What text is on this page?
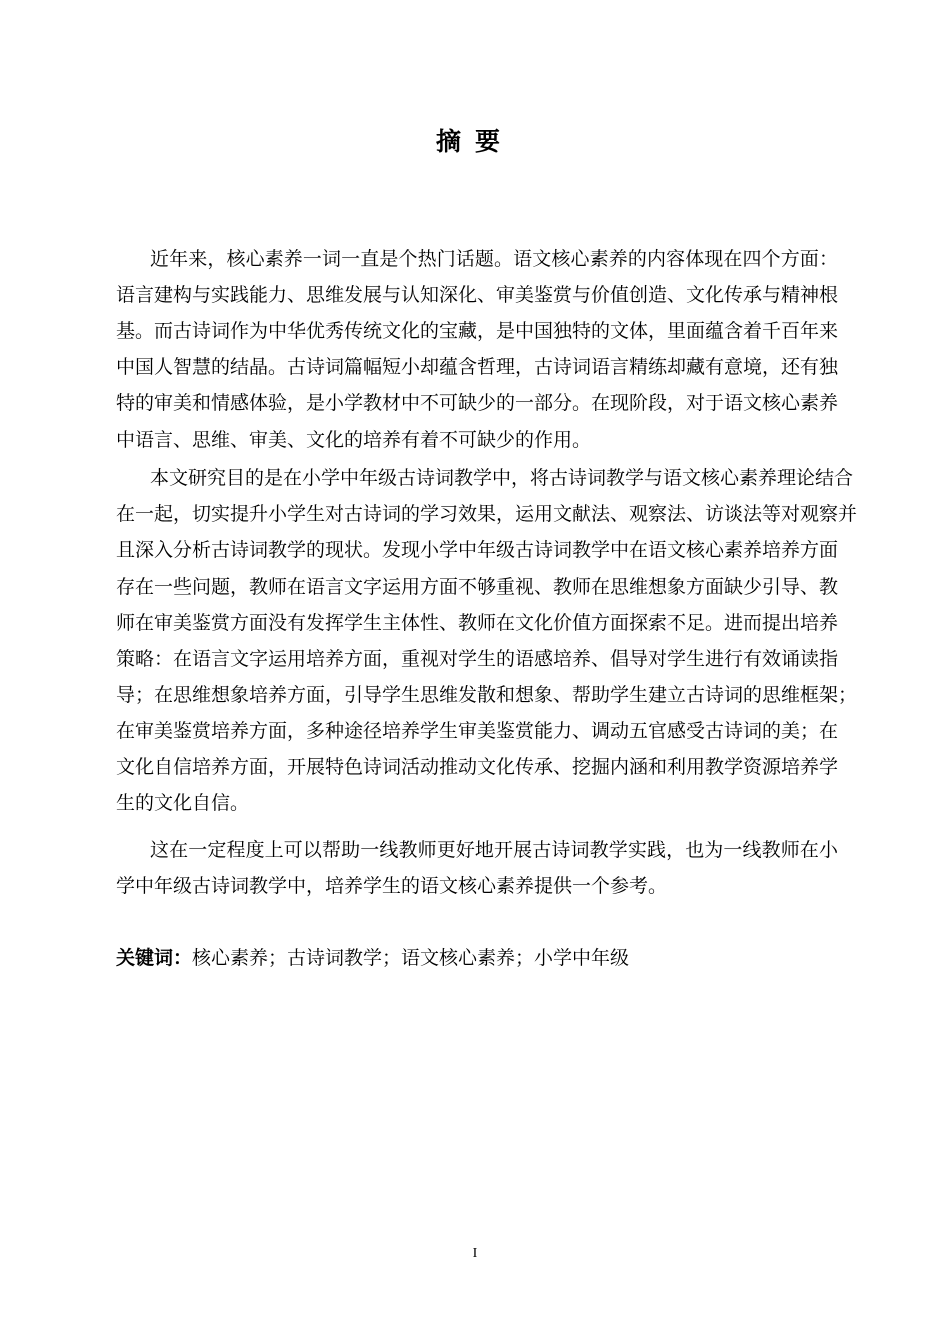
摘要
近年来，核心素养一词一直是个热门话题。语文核心素养的内容体现在四个方面：
语言建构与实践能力、思维发展与认知深化、审美鉴赏与价值创造、文化传承与精神根
基。而古诗词作为中华优秀传统文化的宝藏，是中国独特的文体，里面蕴含着千百年来
中国人智慧的结晶。古诗词篇幅短小却蕴含哲理，古诗词语言精练却藏有意境，还有独
特的审美和情感体验，是小学教材中不可缺少的一部分。在现阶段，对于语文核心素养
中语言、思维、审美、文化的培养有着不可缺少的作用。
本文研究目的是在小学中年级古诗词教学中，将古诗词教学与语文核心素养理论结合
在一起，切实提升小学生对古诗词的学习效果，运用文献法、观察法、访谈法等对观察并
且深入分析古诗词教学的现状。发现小学中年级古诗词教学中在语文核心素养培养方面
存在一些问题，教师在语言文字运用方面不够重视、教师在思维想象方面缺少引导、教
师在审美鉴赏方面没有发挥学生主体性、教师在文化价值方面探索不足。进而提出培养
策略：在语言文字运用培养方面，重视对学生的语感培养、倡导对学生进行有效诵读指
导；在思维想象培养方面，引导学生思维发散和想象、帮助学生建立古诗词的思维框架；
在审美鉴赏培养方面，多种途径培养学生审美鉴赏能力、调动五官感受古诗词的美；在
文化自信培养方面，开展特色诗词活动推动文化传承、挖掘内涵和利用教学资源培养学
生的文化自信。
这在一定程度上可以帮助一线教师更好地开展古诗词教学实践，也为一线教师在小
学中年级古诗词教学中，培养学生的语文核心素养提供一个参考。
关键词：核心素养；古诗词教学；语文核心素养；小学中年级
I
